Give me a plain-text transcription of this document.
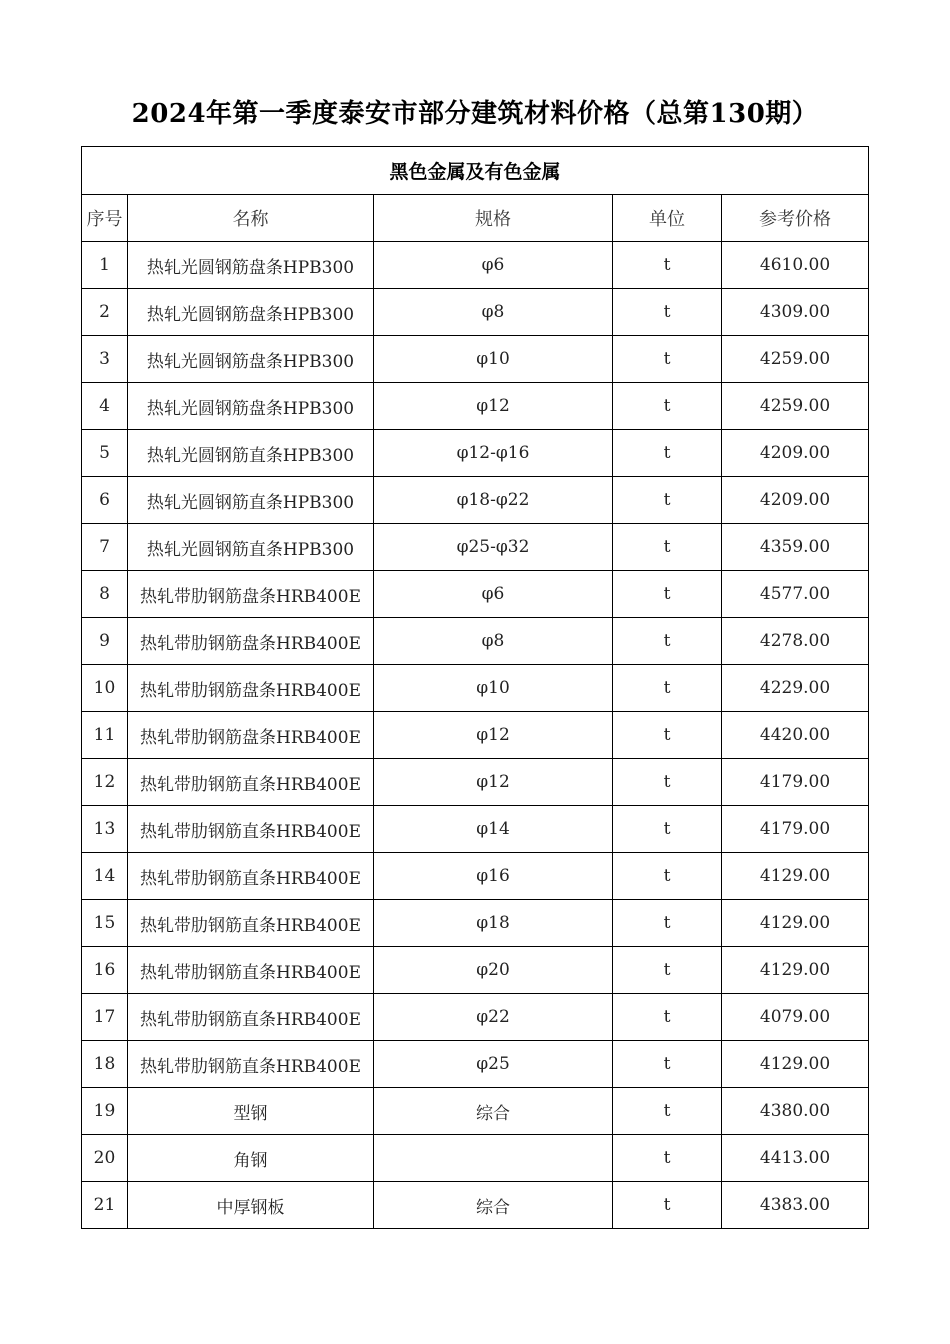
2024年第一季度泰安市部分建筑材料价格（总第130期）
黑色金属及有色金属				
序号	名称	规格	单位	参考价格
1	热轧光圆钢筋盘条HPB300	φ6	t	4610.00
2	热轧光圆钢筋盘条HPB300	φ8	t	4309.00
3	热轧光圆钢筋盘条HPB300	φ10	t	4259.00
4	热轧光圆钢筋盘条HPB300	φ12	t	4259.00
5	热轧光圆钢筋直条HPB300	φ12-φ16	t	4209.00
6	热轧光圆钢筋直条HPB300	φ18-φ22	t	4209.00
7	热轧光圆钢筋直条HPB300	φ25-φ32	t	4359.00
8	热轧带肋钢筋盘条HRB400E	φ6	t	4577.00
9	热轧带肋钢筋盘条HRB400E	φ8	t	4278.00
10	热轧带肋钢筋盘条HRB400E	φ10	t	4229.00
11	热轧带肋钢筋盘条HRB400E	φ12	t	4420.00
12	热轧带肋钢筋直条HRB400E	φ12	t	4179.00
13	热轧带肋钢筋直条HRB400E	φ14	t	4179.00
14	热轧带肋钢筋直条HRB400E	φ16	t	4129.00
15	热轧带肋钢筋直条HRB400E	φ18	t	4129.00
16	热轧带肋钢筋直条HRB400E	φ20	t	4129.00
17	热轧带肋钢筋直条HRB400E	φ22	t	4079.00
18	热轧带肋钢筋直条HRB400E	φ25	t	4129.00
19	型钢	综合	t	4380.00
20	角钢		t	4413.00
21	中厚钢板	综合	t	4383.00
